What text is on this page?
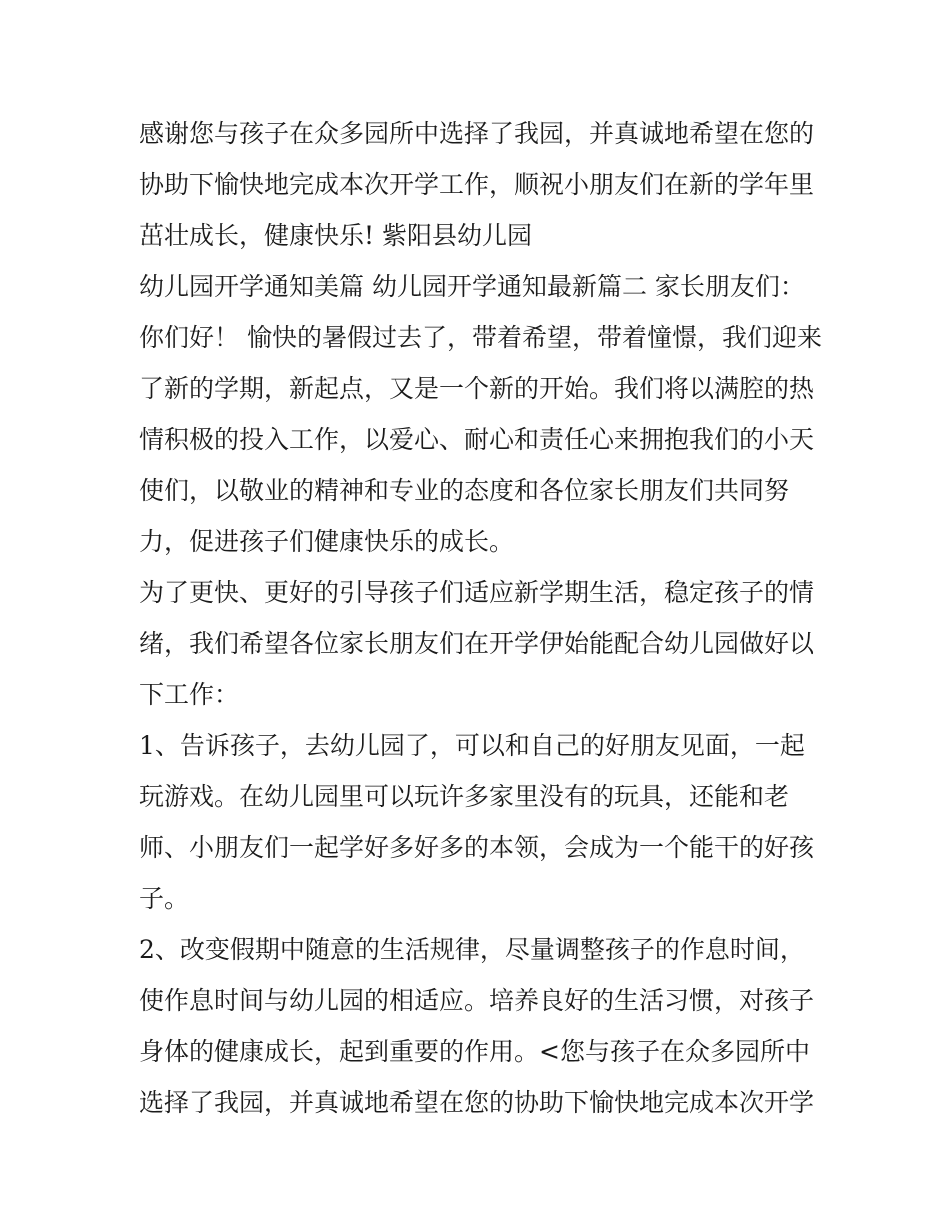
感谢您与孩子在众多园所中选择了我园，并真诚地希望在您的
协助下愉快地完成本次开学工作，顺祝小朋友们在新的学年里
茁壮成长，健康快乐! 紫阳县幼儿园
幼儿园开学通知美篇 幼儿园开学通知最新篇二 家长朋友们：
你们好！ 愉快的暑假过去了，带着希望，带着憧憬，我们迎来
了新的学期，新起点，又是一个新的开始。我们将以满腔的热
情积极的投入工作，以爱心、耐心和责任心来拥抱我们的小天
使们，以敬业的精神和专业的态度和各位家长朋友们共同努
力，促进孩子们健康快乐的成长。
为了更快、更好的引导孩子们适应新学期生活，稳定孩子的情
绪，我们希望各位家长朋友们在开学伊始能配合幼儿园做好以
下工作：
1、告诉孩子，去幼儿园了，可以和自己的好朋友见面，一起
玩游戏。在幼儿园里可以玩许多家里没有的玩具，还能和老
师、小朋友们一起学好多好多的本领，会成为一个能干的好孩
子。
2、改变假期中随意的生活规律，尽量调整孩子的作息时间，
使作息时间与幼儿园的相适应。培养良好的生活习惯，对孩子
身体的健康成长，起到重要的作用。<您与孩子在众多园所中
选择了我园，并真诚地希望在您的协助下愉快地完成本次开学
